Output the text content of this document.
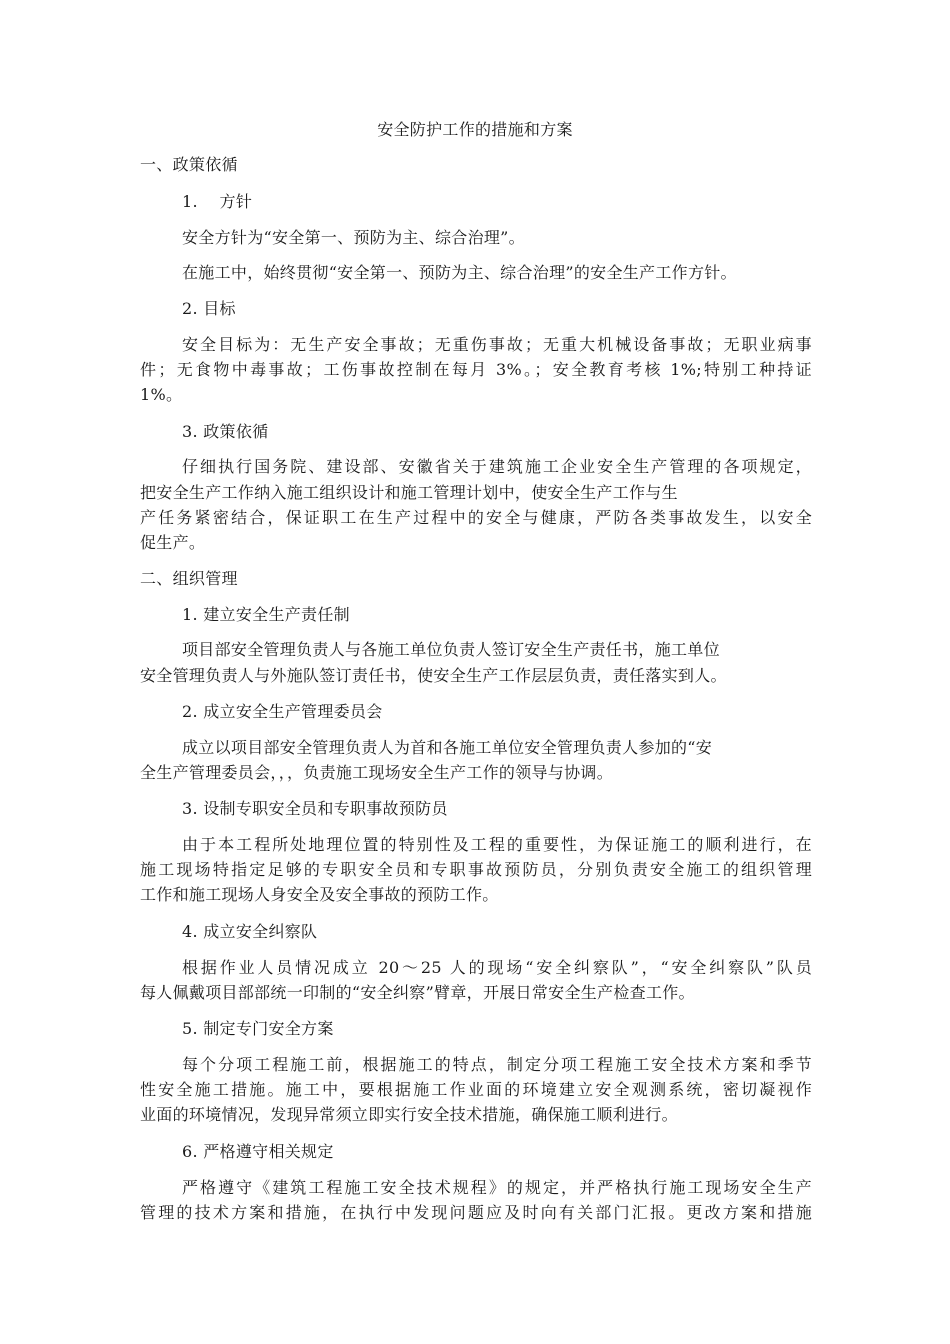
安全防护工作的措施和方案
一、政策依循
1.　 方针
安全方针为“安全第一、预防为主、综合治理”。
在施工中，始终贯彻“安全第一、预防为主、综合治理”的安全生产工作方针。
2. 目标
安全目标为：无生产安全事故；无重伤事故；无重大机械设备事故；无职业病事
件；无食物中毒事故；工伤事故控制在每月 3%。；安全教育考核 1%;特别工种持证
1%。
3. 政策依循
仔细执行国务院、建设部、安徽省关于建筑施工企业安全生产管理的各项规定，
把安全生产工作纳入施工组织设计和施工管理计划中，使安全生产工作与生
产任务紧密结合，保证职工在生产过程中的安全与健康，严防各类事故发生，以安全
促生产。
二、组织管理
1. 建立安全生产责任制
项目部安全管理负责人与各施工单位负责人签订安全生产责任书，施工单位
安全管理负责人与外施队签订责任书，使安全生产工作层层负责，责任落实到人。
2. 成立安全生产管理委员会
成立以项目部安全管理负责人为首和各施工单位安全管理负责人参加的“安
全生产管理委员会，，，负责施工现场安全生产工作的领导与协调。
3. 设制专职安全员和专职事故预防员
由于本工程所处地理位置的特别性及工程的重要性，为保证施工的顺利进行，在
施工现场特指定足够的专职安全员和专职事故预防员，分别负责安全施工的组织管理
工作和施工现场人身安全及安全事故的预防工作。
4. 成立安全纠察队
根据作业人员情况成立 20〜25 人的现场“安全纠察队”，“安全纠察队”队员
每人佩戴项目部部统一印制的“安全纠察”臂章，开展日常安全生产检查工作。
5. 制定专门安全方案
每个分项工程施工前，根据施工的特点，制定分项工程施工安全技术方案和季节
性安全施工措施。施工中，要根据施工作业面的环境建立安全观测系统，密切凝视作
业面的环境情况，发现异常须立即实行安全技术措施，确保施工顺利进行。
6. 严格遵守相关规定
严格遵守《建筑工程施工安全技术规程》的规定，并严格执行施工现场安全生产
管理的技术方案和措施，在执行中发现问题应及时向有关部门汇报。更改方案和措施
